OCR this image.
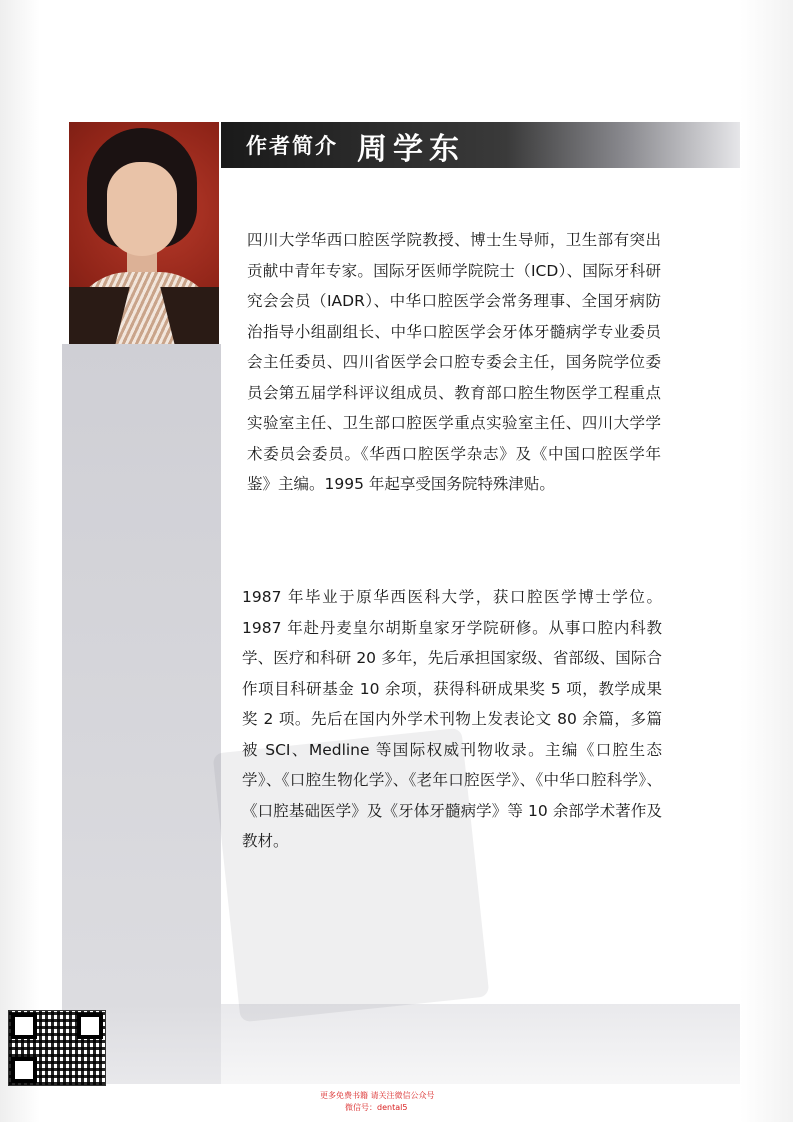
作者简介 周学东

四川大学华西口腔医学院教授、博士生导师，卫生部有突出贡献中青年专家。国际牙医师学院院士（ICD）、国际牙科研究会会员（IADR）、中华口腔医学会常务理事、全国牙病防治指导小组副组长、中华口腔医学会牙体牙髓病学专业委员会主任委员、四川省医学会口腔专委会主任，国务院学位委员会第五届学科评议组成员、教育部口腔生物医学工程重点实验室主任、卫生部口腔医学重点实验室主任、四川大学学术委员会委员。《华西口腔医学杂志》及《中国口腔医学年鉴》主编。1995 年起享受国务院特殊津贴。

1987 年毕业于原华西医科大学，获口腔医学博士学位。1987 年赴丹麦皇尔胡斯皇家牙学院研修。从事口腔内科教学、医疗和科研 20 多年，先后承担国家级、省部级、国际合作项目科研基金 10 余项，获得科研成果奖 5 项，教学成果奖 2 项。先后在国内外学术刊物上发表论文 80 余篇，多篇被 SCI、Medline 等国际权威刊物收录。主编《口腔生态学》、《口腔生物化学》、《老年口腔医学》、《中华口腔科学》、《口腔基础医学》及《牙体牙髓病学》等 10 余部学术著作及教材。

更多免费书籍 请关注微信公众号
微信号：dental5
